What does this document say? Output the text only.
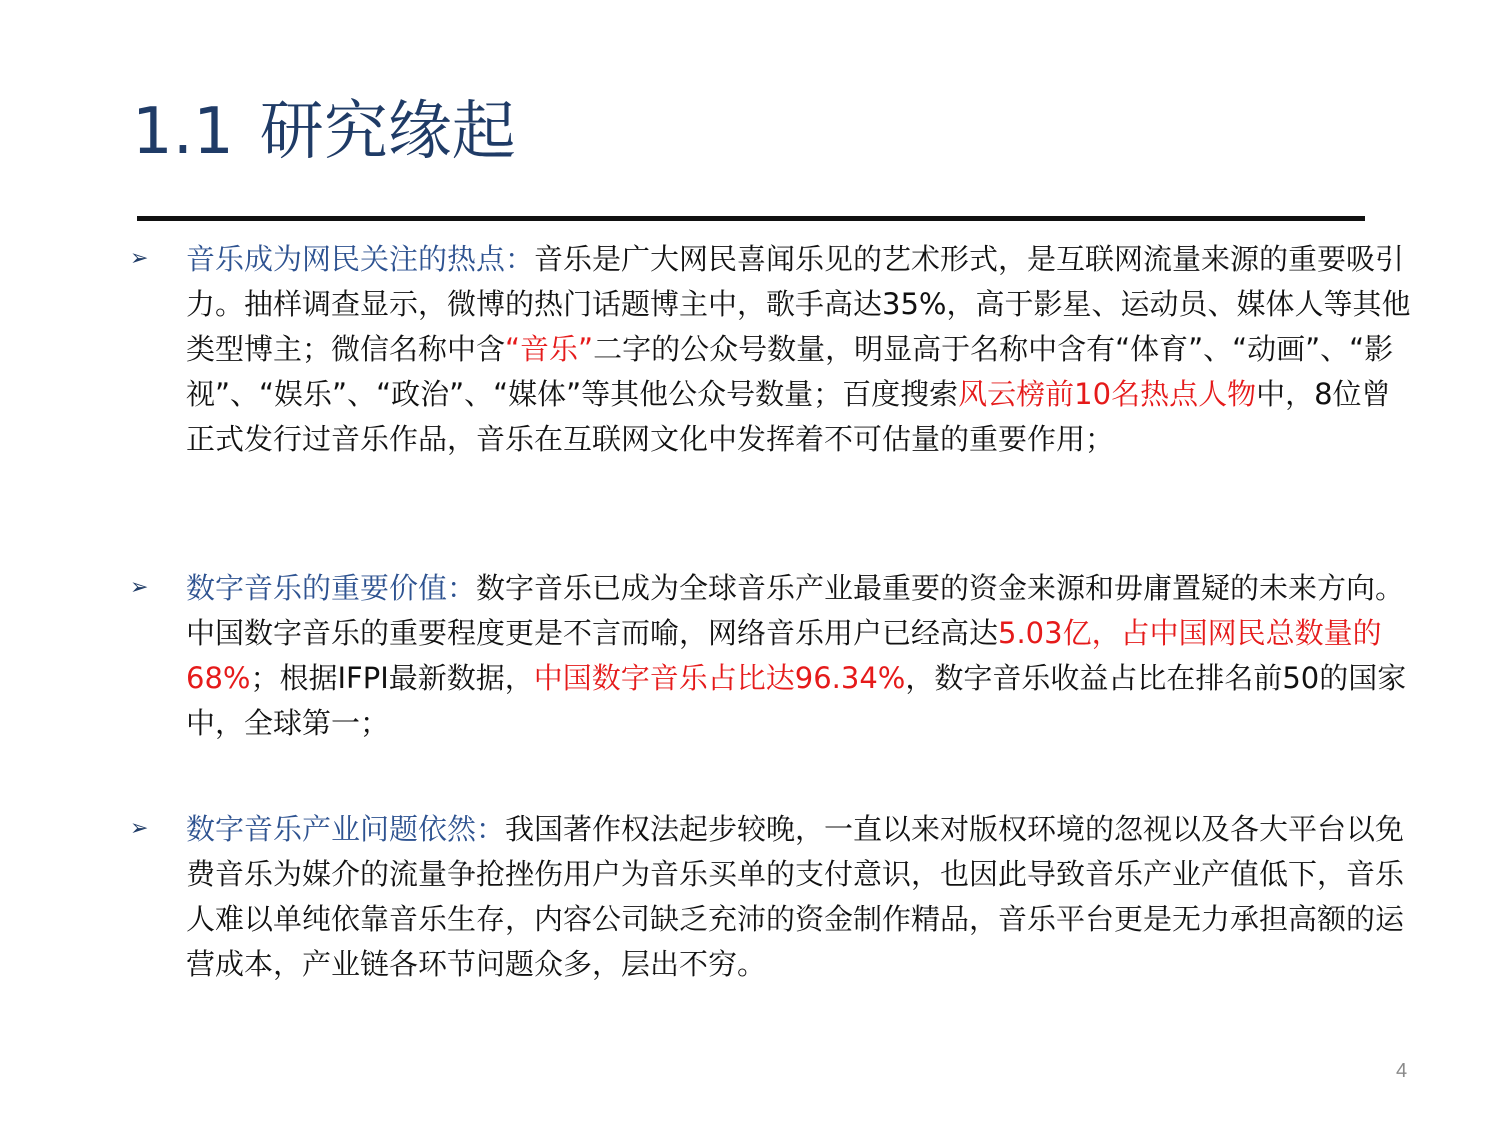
1.1 研究缘起
➢ 音乐成为网民关注的热点：音乐是广大网民喜闻乐见的艺术形式，是互联网流量来源的重要吸引力。抽样调查显示，微博的热门话题博主中，歌手高达35%，高于影星、运动员、媒体人等其他类型博主；微信名称中含“音乐”二字的公众号数量，明显高于名称中含有“体育”、“动画”、“影视”、“娱乐”、“政治”、“媒体”等其他公众号数量；百度搜索风云榜前10名热点人物中，8位曾正式发行过音乐作品，音乐在互联网文化中发挥着不可估量的重要作用；
➢ 数字音乐的重要价值：数字音乐已成为全球音乐产业最重要的资金来源和毋庸置疑的未来方向。中国数字音乐的重要程度更是不言而喻，网络音乐用户已经高达5.03亿，占中国网民总数量的68%；根据IFPI最新数据，中国数字音乐占比达96.34%，数字音乐收益占比在排名前50的国家中，全球第一；
➢ 数字音乐产业问题依然：我国著作权法起步较晚，一直以来对版权环境的忽视以及各大平台以免费音乐为媒介的流量争抢挫伤用户为音乐买单的支付意识，也因此导致音乐产业产值低下，音乐人难以单纯依靠音乐生存，内容公司缺乏充沛的资金制作精品，音乐平台更是无力承担高额的运营成本，产业链各环节问题众多，层出不穷。
4
